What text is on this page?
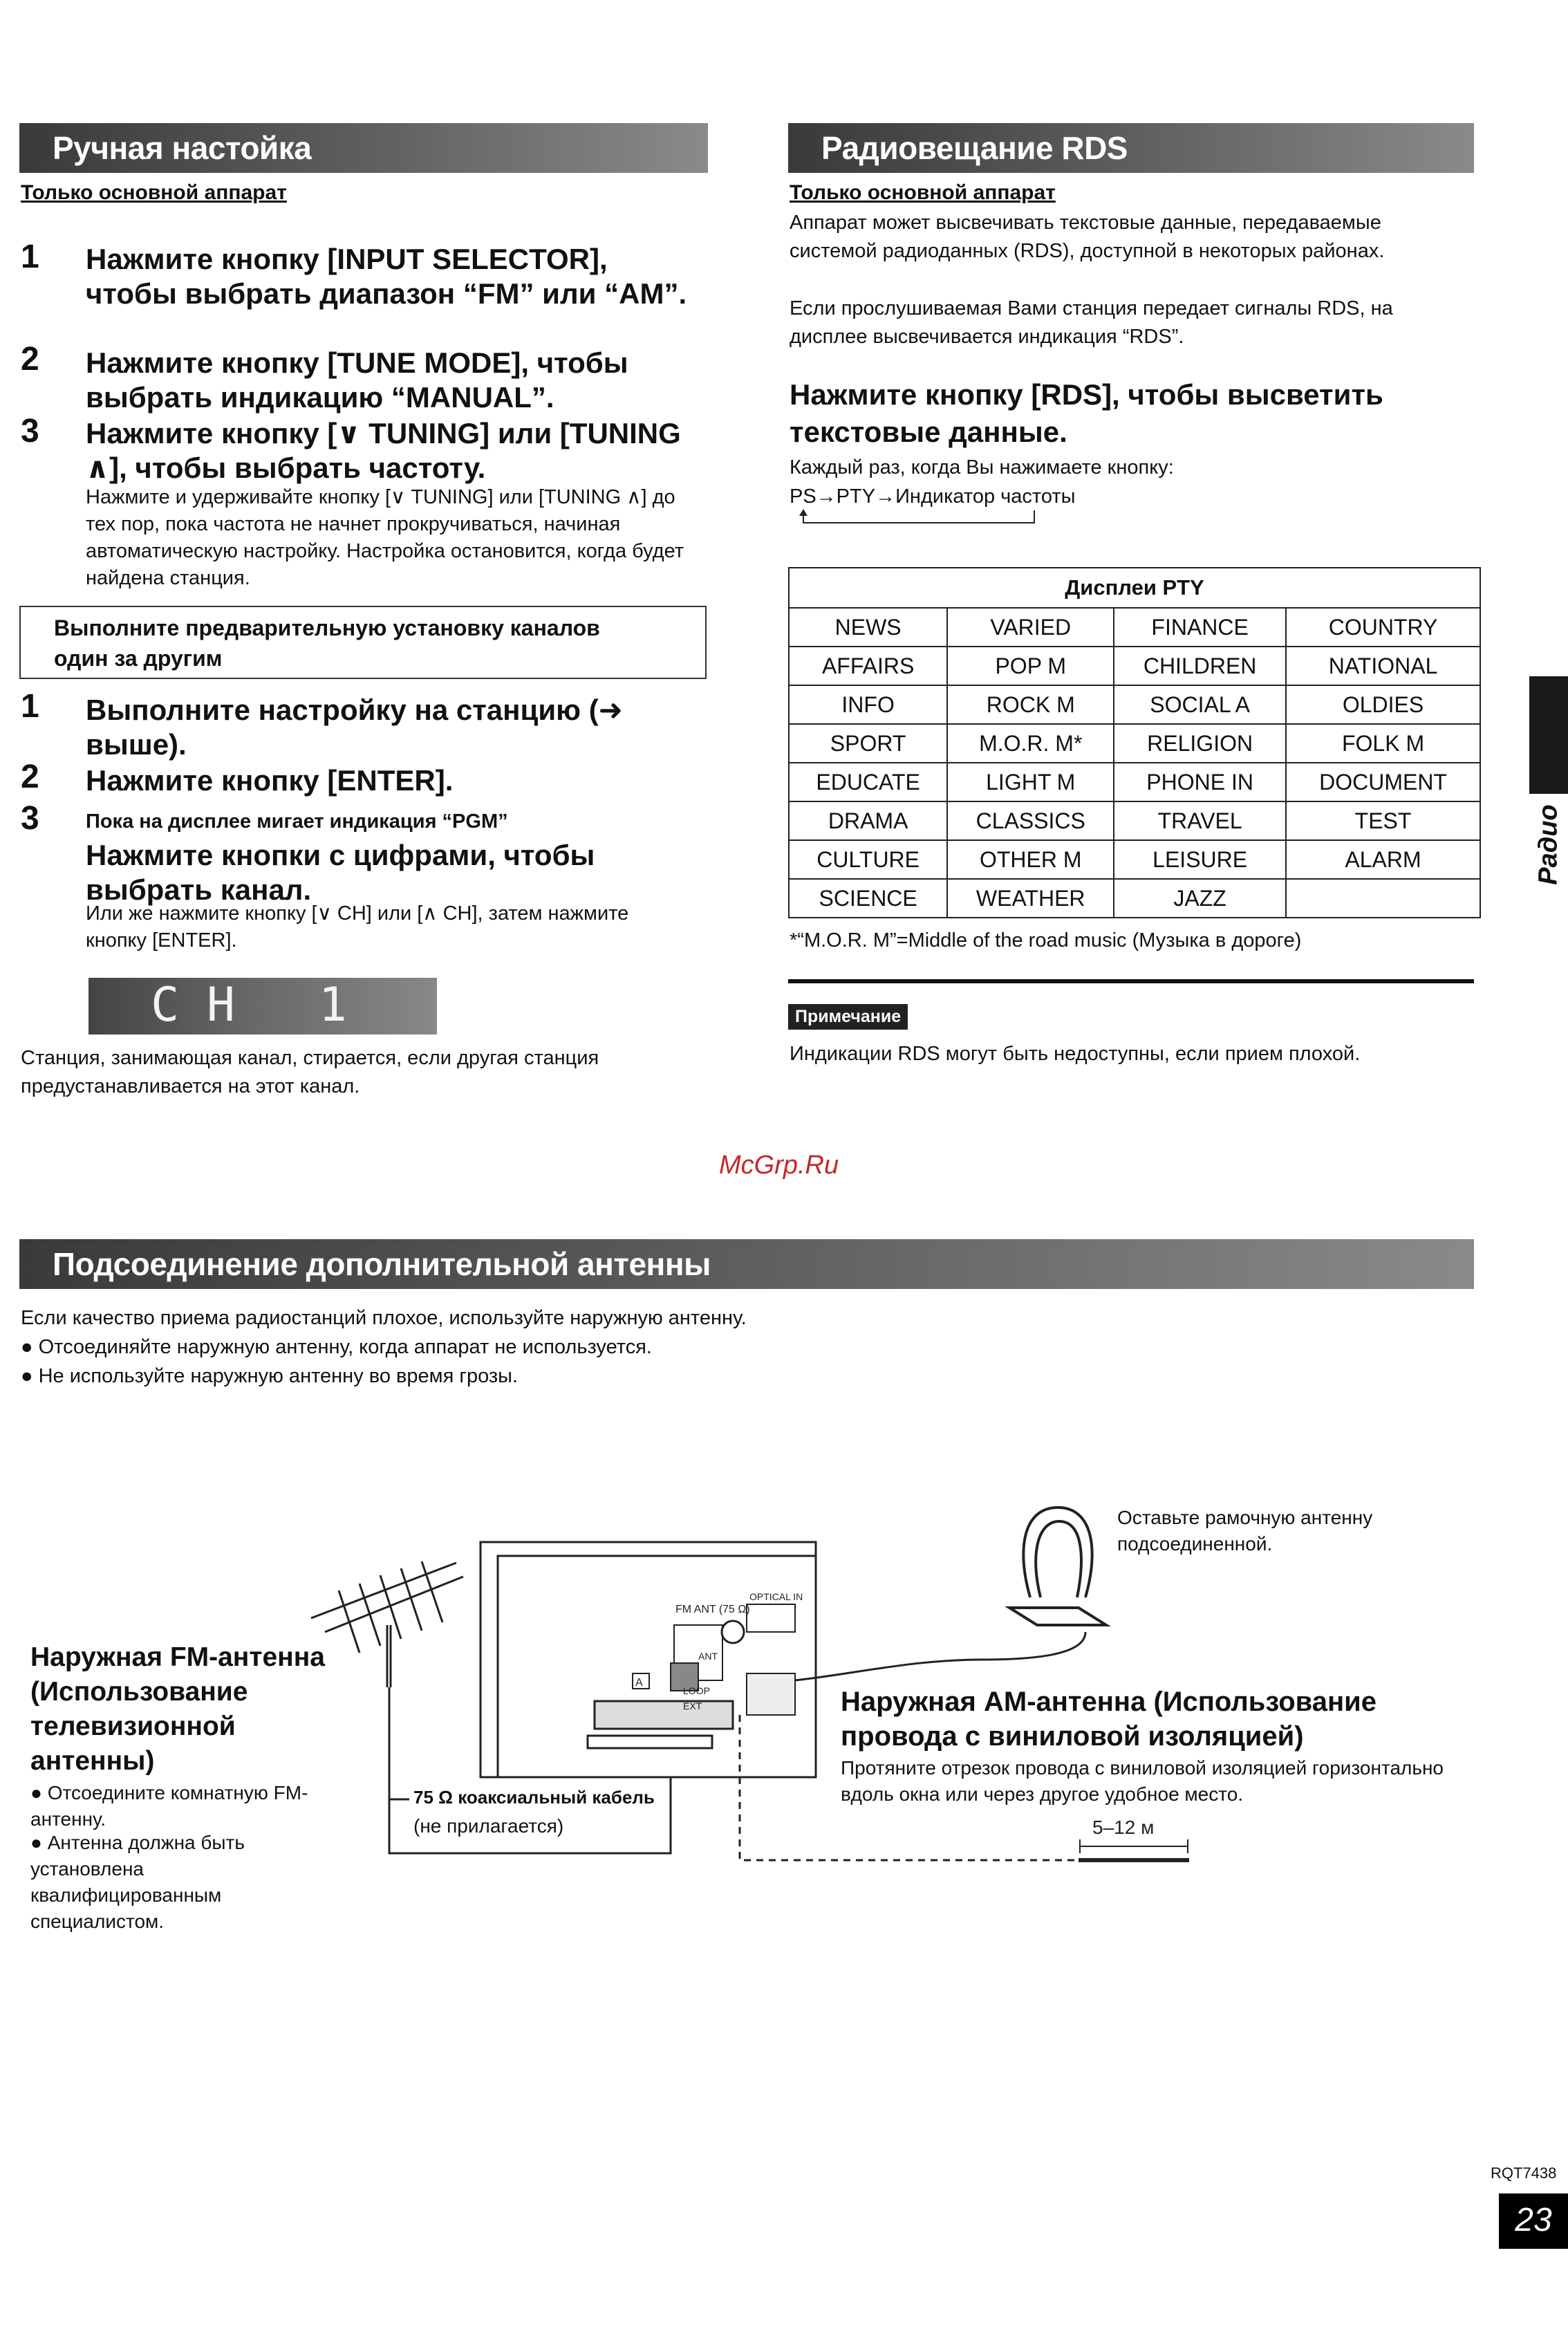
Ручная настойка
Только основной аппарат
1 Нажмите кнопку [INPUT SELECTOR], чтобы выбрать диапазон “FM” или “AM”.
2 Нажмите кнопку [TUNE MODE], чтобы выбрать индикацию “MANUAL”.
3 Нажмите кнопку [∨ TUNING] или [TUNING ∧], чтобы выбрать частоту.
Нажмите и удерживайте кнопку [∨ TUNING] или [TUNING ∧] до тех пор, пока частота не начнет прокручиваться, начиная автоматическую настройку. Настройка остановится, когда будет найдена станция.
Выполните предварительную установку каналов один за другим
1 Выполните настройку на станцию (➜ выше).
2 Нажмите кнопку [ENTER].
3 Пока на дисплее мигает индикация “PGM”
Нажмите кнопки с цифрами, чтобы выбрать канал.
Или же нажмите кнопку [∨ CH] или [∧ CH], затем нажмите кнопку [ENTER].
CH 1
Станция, занимающая канал, стирается, если другая станция предустанавливается на этот канал.
Радиовещание RDS
Только основной аппарат
Аппарат может высвечивать текстовые данные, передаваемые системой радиоданных (RDS), доступной в некоторых районах.
Если прослушиваемая Вами станция передает сигналы RDS, на дисплее высвечивается индикация “RDS”.
Нажмите кнопку [RDS], чтобы высветить текстовые данные.
Каждый раз, когда Вы нажимаете кнопку:
PS→PTY→Индикатор частоты
Дисплеи PTY			
NEWS	VARIED	FINANCE	COUNTRY
AFFAIRS	POP M	CHILDREN	NATIONAL
INFO	ROCK M	SOCIAL A	OLDIES
SPORT	M.O.R. M*	RELIGION	FOLK M
EDUCATE	LIGHT M	PHONE IN	DOCUMENT
DRAMA	CLASSICS	TRAVEL	TEST
CULTURE	OTHER M	LEISURE	ALARM
SCIENCE	WEATHER	JAZZ	
*“M.O.R. M”=Middle of the road music (Музыка в дороге)
Примечание
Индикации RDS могут быть недоступны, если прием плохой.
McGrp.Ru
Подсоединение дополнительной антенны
Если качество приема радиостанций плохое, используйте наружную антенну.
● Отсоединяйте наружную антенну, когда аппарат не используется.
● Не используйте наружную антенну во время грозы.
FM ANT (75 Ω)
OPTICAL IN
LOOP
EXT
ANT
A
5–12 м
Оставьте рамочную антенну подсоединенной.
Наружная FM-антенна (Использование телевизионной антенны)
● Отсоедините комнатную FM-антенну.
● Антенна должна быть установлена квалифицированным специалистом.
75 Ω коаксиальный кабель
(не прилагается)
Наружная AM-антенна (Использование провода с виниловой изоляцией)
Протяните отрезок провода с виниловой изоляцией горизонтально вдоль окна или через другое удобное место.
Радио
RQT7438
23
